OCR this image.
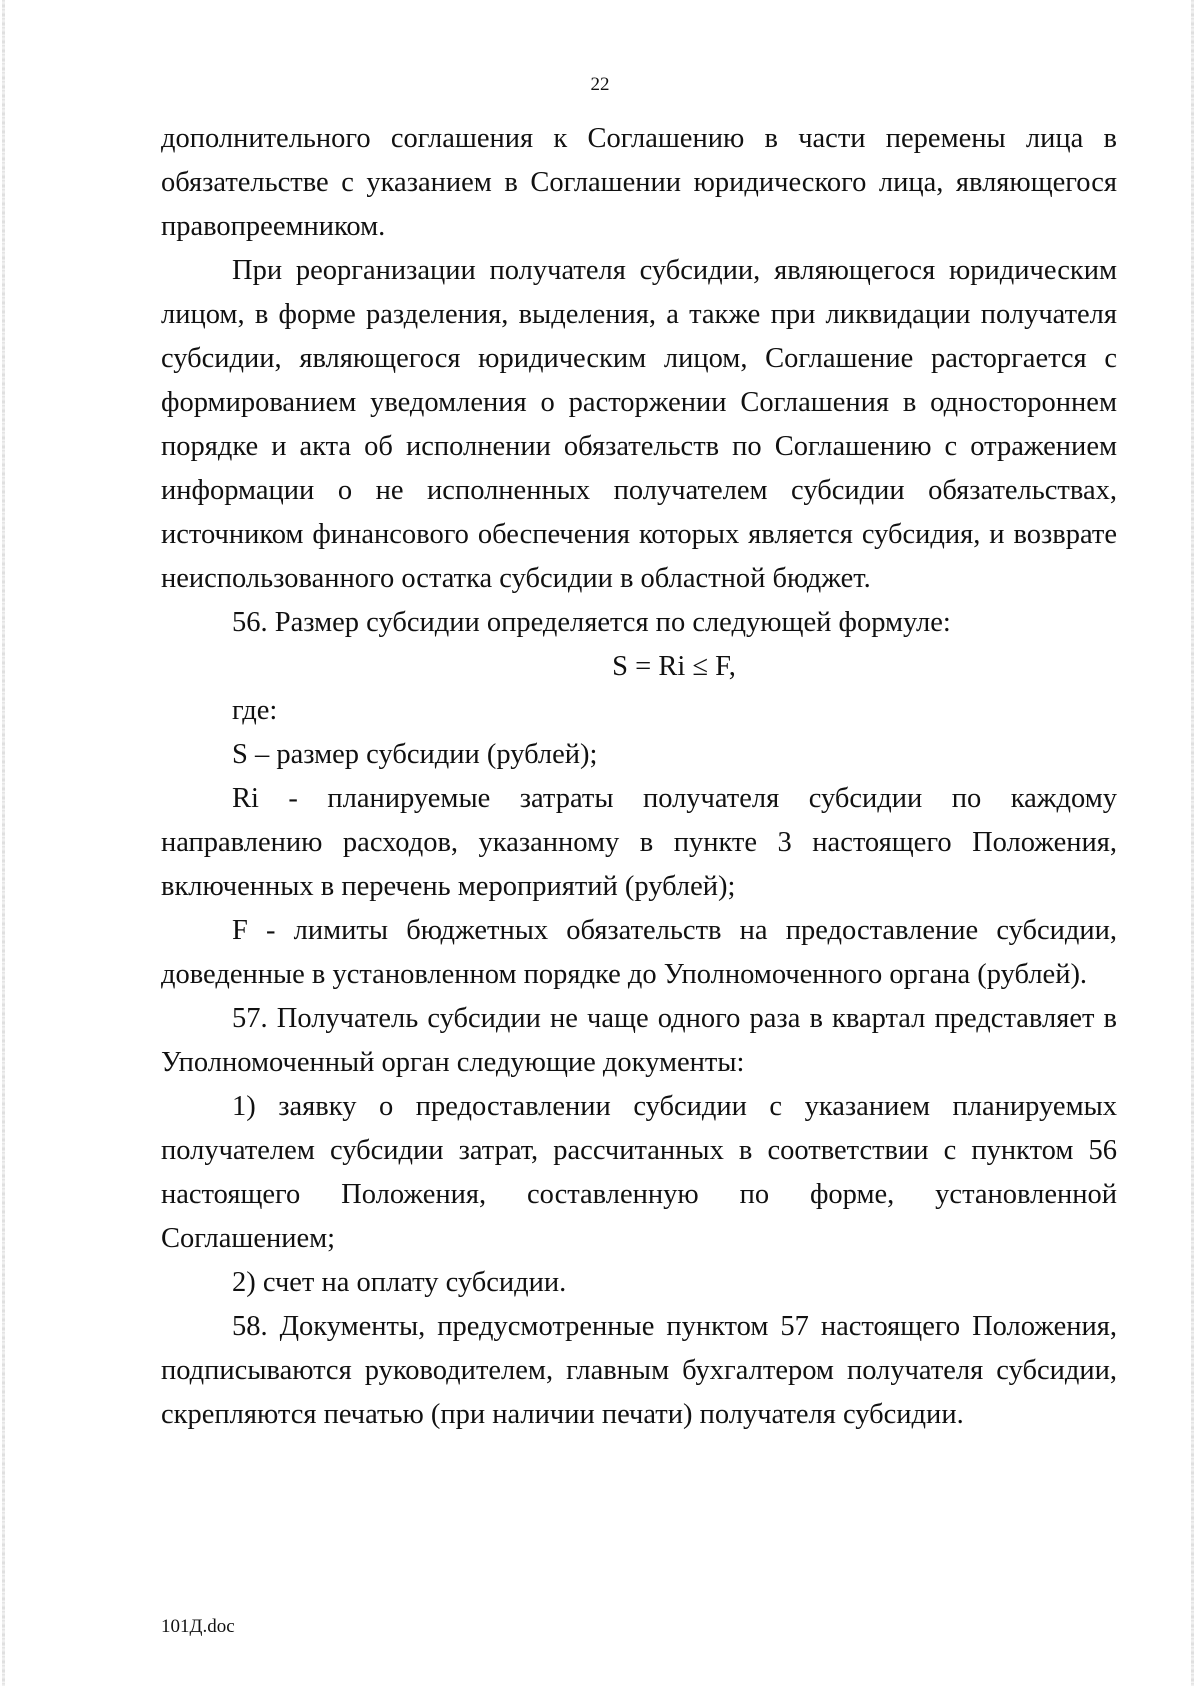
22

дополнительного соглашения к Соглашению в части перемены лица в обязательстве с указанием в Соглашении юридического лица, являющегося правопреемником.

При реорганизации получателя субсидии, являющегося юридическим лицом, в форме разделения, выделения, а также при ликвидации получателя субсидии, являющегося юридическим лицом, Соглашение расторгается с формированием уведомления о расторжении Соглашения в одностороннем порядке и акта об исполнении обязательств по Соглашению с отражением информации о не исполненных получателем субсидии обязательствах, источником финансового обеспечения которых является субсидия, и возврате неиспользованного остатка субсидии в областной бюджет.

56. Размер субсидии определяется по следующей формуле:

S = Ri ≤ F,

где:

S – размер субсидии (рублей);

Ri - планируемые затраты получателя субсидии по каждому направлению расходов, указанному в пункте 3 настоящего Положения, включенных в перечень мероприятий (рублей);

F - лимиты бюджетных обязательств на предоставление субсидии, доведенные в установленном порядке до Уполномоченного органа (рублей).

57. Получатель субсидии не чаще одного раза в квартал представляет в Уполномоченный орган следующие документы:

1) заявку о предоставлении субсидии с указанием планируемых получателем субсидии затрат, рассчитанных в соответствии с пунктом 56 настоящего Положения, составленную по форме, установленной Соглашением;

2) счет на оплату субсидии.

58. Документы, предусмотренные пунктом 57 настоящего Положения, подписываются руководителем, главным бухгалтером получателя субсидии, скрепляются печатью (при наличии печати) получателя субсидии.

101Д.doc
